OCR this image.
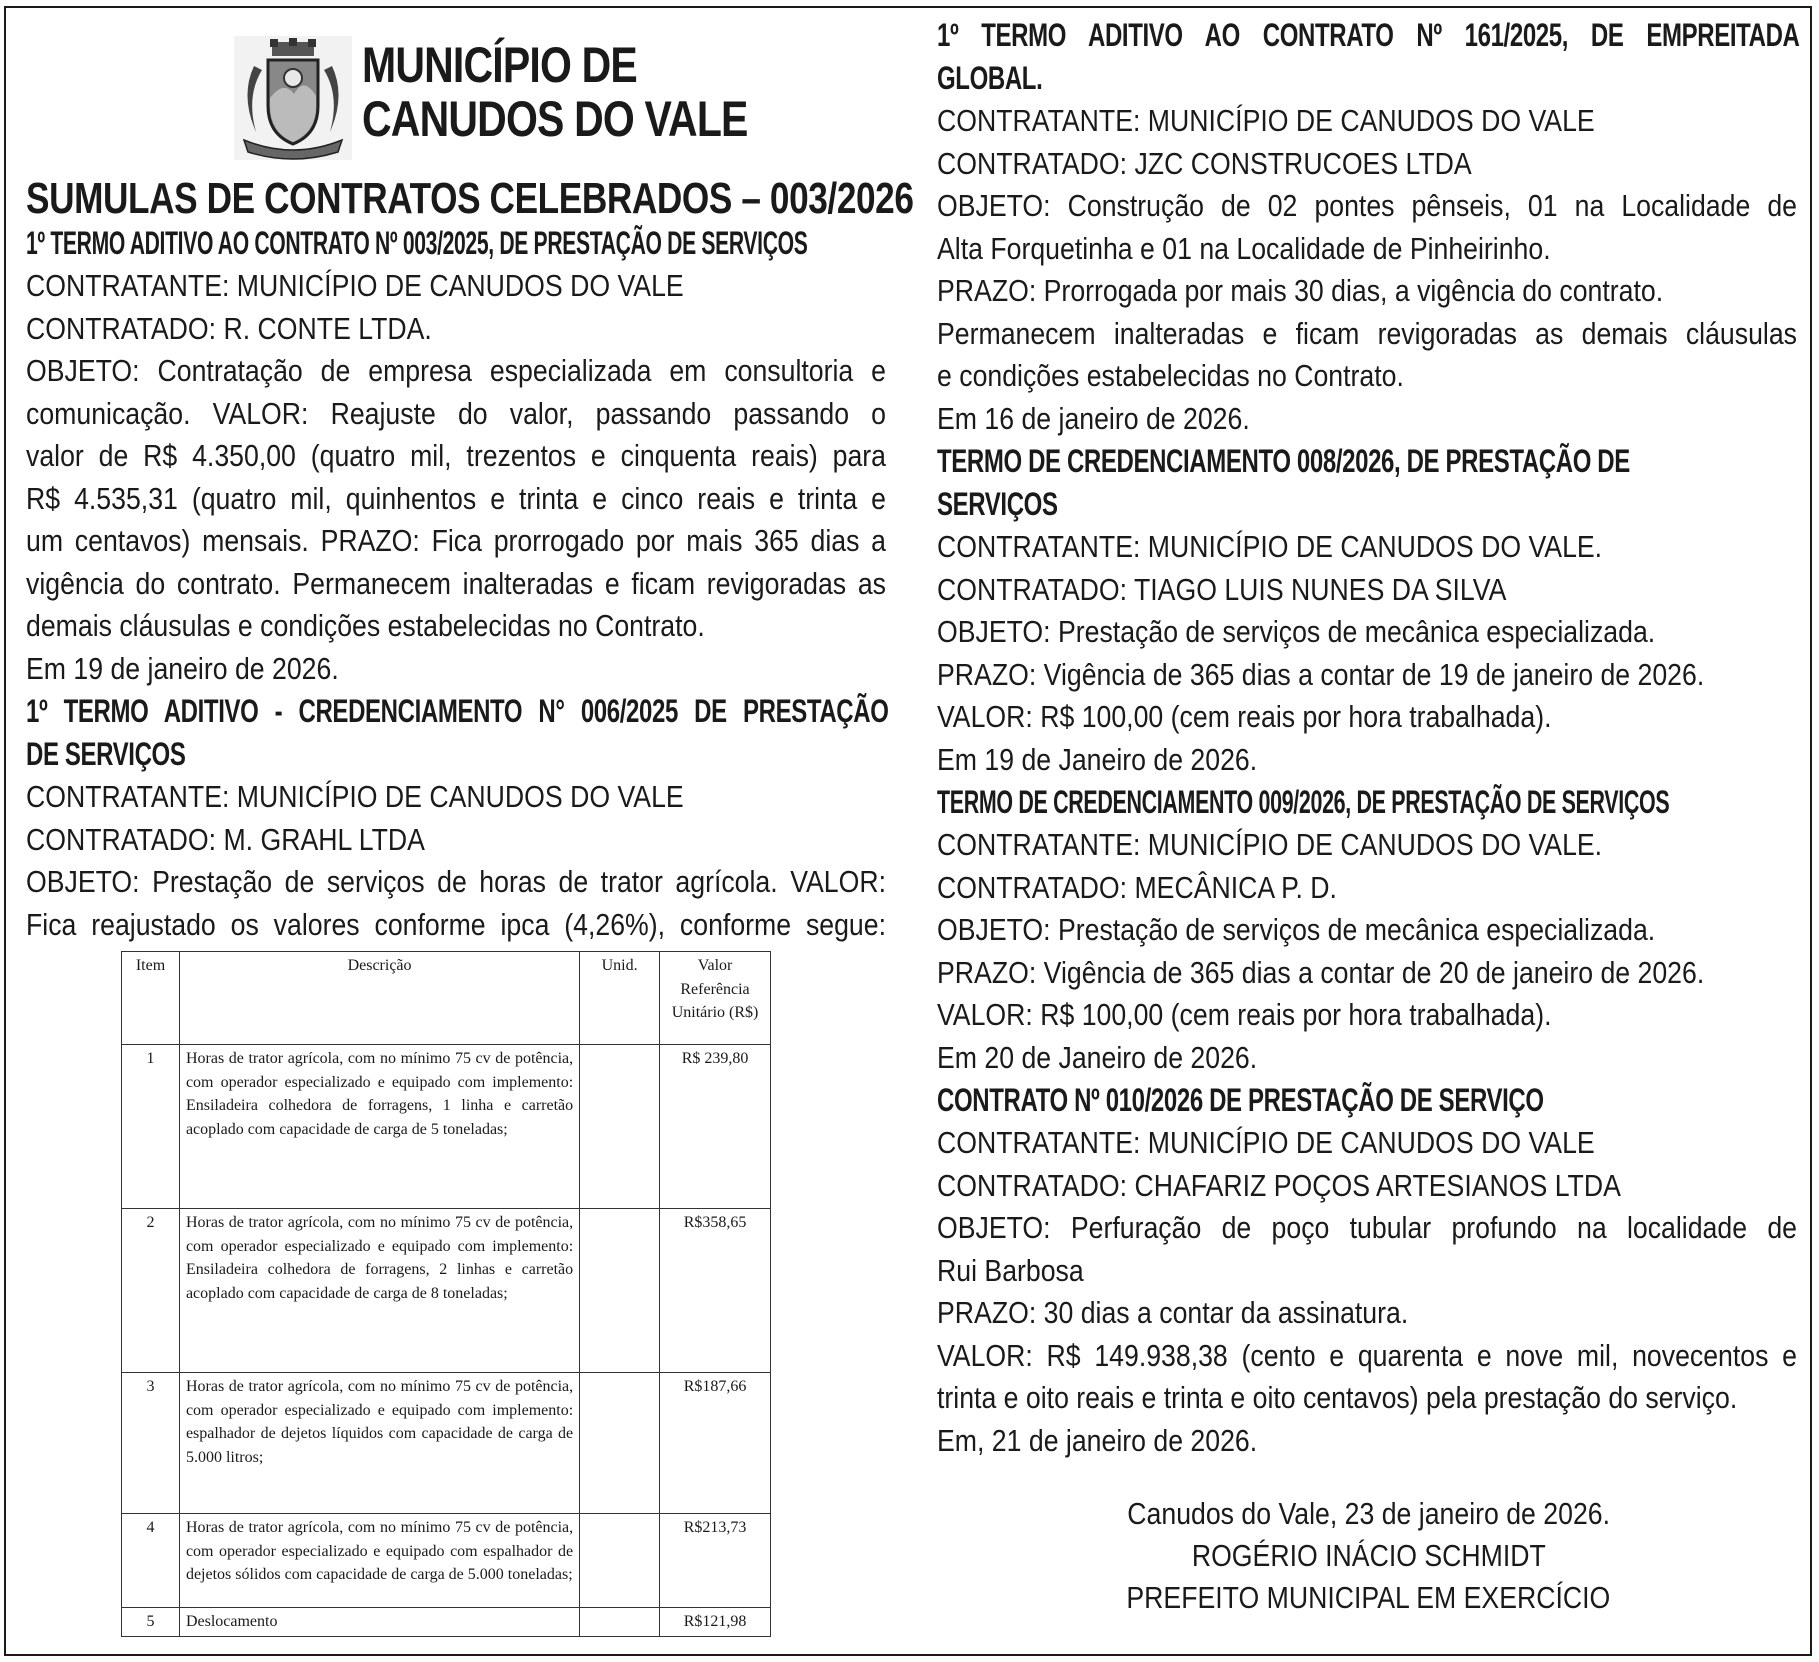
MUNICÍPIO DE
CANUDOS DO VALE
SUMULAS DE CONTRATOS CELEBRADOS – 003/2026
1º TERMO ADITIVO AO CONTRATO Nº 003/2025, DE PRESTAÇÃO DE SERVIÇOS
CONTRATANTE: MUNICÍPIO DE CANUDOS DO VALE
CONTRATADO: R. CONTE LTDA.
OBJETO: Contratação de empresa especializada em consultoria e
comunicação. VALOR: Reajuste do valor, passando passando o
valor de R$ 4.350,00 (quatro mil, trezentos e cinquenta reais) para
R$ 4.535,31 (quatro mil, quinhentos e trinta e cinco reais e trinta e
um centavos) mensais. PRAZO: Fica prorrogado por mais 365 dias a
vigência do contrato. Permanecem inalteradas e ficam revigoradas as
demais cláusulas e condições estabelecidas no Contrato.
Em 19 de janeiro de 2026.
1º TERMO ADITIVO - CREDENCIAMENTO N° 006/2025 DE PRESTAÇÃO
DE SERVIÇOS
CONTRATANTE: MUNICÍPIO DE CANUDOS DO VALE
CONTRATADO: M. GRAHL LTDA
OBJETO: Prestação de serviços de horas de trator agrícola. VALOR:
Fica reajustado os valores conforme ipca (4,26%), conforme segue:
Item	Descrição	Unid.	Valor Referência Unitário (R$)
1	Horas de trator agrícola, com no mínimo 75 cv de potência, com operador especializado e equipado com implemento: Ensiladeira colhedora de forragens, 1 linha e carretão acoplado com capacidade de carga de 5 toneladas;		R$ 239,80
2	Horas de trator agrícola, com no mínimo 75 cv de potência, com operador especializado e equipado com implemento: Ensiladeira colhedora de forragens, 2 linhas e carretão acoplado com capacidade de carga de 8 toneladas;		R$358,65
3	Horas de trator agrícola, com no mínimo 75 cv de potência, com operador especializado e equipado com implemento: espalhador de dejetos líquidos com capacidade de carga de 5.000 litros;		R$187,66
4	Horas de trator agrícola, com no mínimo 75 cv de potência, com operador especializado e equipado com espalhador de dejetos sólidos com capacidade de carga de 5.000 toneladas;		R$213,73
5	Deslocamento		R$121,98
1º TERMO ADITIVO AO CONTRATO Nº 161/2025, DE EMPREITADA
GLOBAL.
CONTRATANTE: MUNICÍPIO DE CANUDOS DO VALE
CONTRATADO: JZC CONSTRUCOES LTDA
OBJETO: Construção de 02 pontes pênseis, 01 na Localidade de
Alta Forquetinha e 01 na Localidade de Pinheirinho.
PRAZO: Prorrogada por mais 30 dias, a vigência do contrato.
Permanecem inalteradas e ficam revigoradas as demais cláusulas
e condições estabelecidas no Contrato.
Em 16 de janeiro de 2026.
TERMO DE CREDENCIAMENTO 008/2026, DE PRESTAÇÃO DE
SERVIÇOS
CONTRATANTE: MUNICÍPIO DE CANUDOS DO VALE.
CONTRATADO: TIAGO LUIS NUNES DA SILVA
OBJETO: Prestação de serviços de mecânica especializada.
PRAZO: Vigência de 365 dias a contar de 19 de janeiro de 2026.
VALOR: R$ 100,00 (cem reais por hora trabalhada).
Em 19 de Janeiro de 2026.
TERMO DE CREDENCIAMENTO 009/2026, DE PRESTAÇÃO DE SERVIÇOS
CONTRATANTE: MUNICÍPIO DE CANUDOS DO VALE.
CONTRATADO: MECÂNICA P. D.
OBJETO: Prestação de serviços de mecânica especializada.
PRAZO: Vigência de 365 dias a contar de 20 de janeiro de 2026.
VALOR: R$ 100,00 (cem reais por hora trabalhada).
Em 20 de Janeiro de 2026.
CONTRATO Nº 010/2026 DE PRESTAÇÃO DE SERVIÇO
CONTRATANTE: MUNICÍPIO DE CANUDOS DO VALE
CONTRATADO: CHAFARIZ POÇOS ARTESIANOS LTDA
OBJETO: Perfuração de poço tubular profundo na localidade de
Rui Barbosa
PRAZO: 30 dias a contar da assinatura.
VALOR: R$ 149.938,38 (cento e quarenta e nove mil, novecentos e
trinta e oito reais e trinta e oito centavos) pela prestação do serviço.
Em, 21 de janeiro de 2026.
Canudos do Vale, 23 de janeiro de 2026.
ROGÉRIO INÁCIO SCHMIDT
PREFEITO MUNICIPAL EM EXERCÍCIO
